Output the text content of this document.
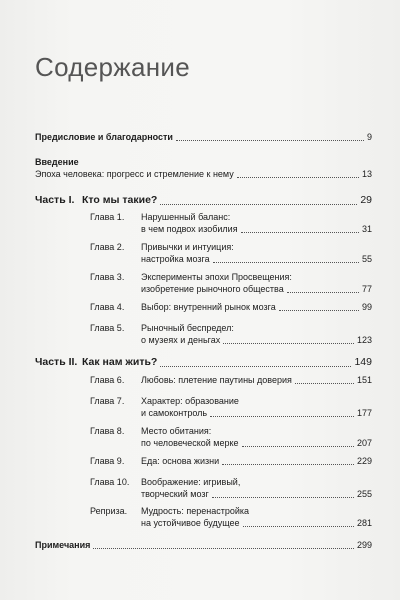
Содержание
Предисловие и благодарности	9
Введение
Эпоха человека: прогресс и стремление к нему	13
Часть I. Кто мы такие?	29
Глава 1. Нарушенный баланс:
в чем подвох изобилия	31
Глава 2. Привычки и интуиция:
настройка мозга	55
Глава 3. Эксперименты эпохи Просвещения:
изобретение рыночного общества	77
Глава 4. Выбор: внутренний рынок мозга	99
Глава 5. Рыночный беспредел:
о музеях и деньгах	123
Часть II. Как нам жить?	149
Глава 6. Любовь: плетение паутины доверия	151
Глава 7. Характер: образование
и самоконтроль	177
Глава 8. Место обитания:
по человеческой мерке	207
Глава 9. Еда: основа жизни	229
Глава 10. Воображение: игривый,
творческий мозг	255
Реприза. Мудрость: перенастройка
на устойчивое будущее	281
Примечания	299
